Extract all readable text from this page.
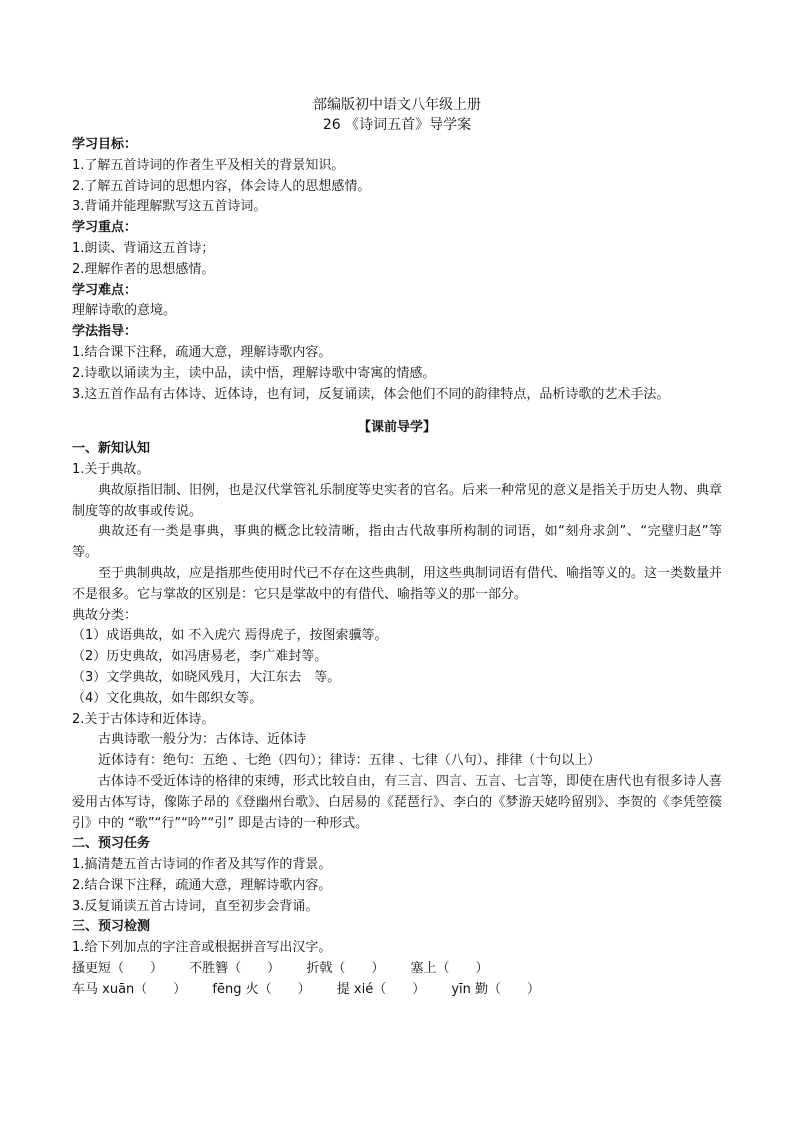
部编版初中语文八年级上册
26 《诗词五首》导学案
学习目标：
1.了解五首诗词的作者生平及相关的背景知识。
2.了解五首诗词的思想内容，体会诗人的思想感情。
3.背诵并能理解默写这五首诗词。
学习重点：
1.朗读、背诵这五首诗；
2.理解作者的思想感情。
学习难点：
理解诗歌的意境。
学法指导：
1.结合课下注释，疏通大意，理解诗歌内容。
2.诗歌以诵读为主，读中品，读中悟，理解诗歌中寄寓的情感。
3.这五首作品有古体诗、近体诗，也有词，反复诵读，体会他们不同的韵律特点，品析诗歌的艺术手法。
【课前导学】
一、新知认知
1.关于典故。
典故原指旧制、旧例，也是汉代掌管礼乐制度等史实者的官名。后来一种常见的意义是指关于历史人物、典章制度等的故事或传说。
典故还有一类是事典，事典的概念比较清晰，指由古代故事所构制的词语，如“刻舟求剑”、“完璧归赵”等等。
至于典制典故，应是指那些使用时代已不存在这些典制，用这些典制词语有借代、喻指等义的。这一类数量并不是很多。它与掌故的区别是：它只是掌故中的有借代、喻指等义的那一部分。
典故分类：
（1）成语典故，如 不入虎穴 焉得虎子，按图索骥等。
（2）历史典故，如冯唐易老，李广难封等。
（3）文学典故，如晓风残月，大江东去　等。
（4）文化典故，如牛郎织女等。
2.关于古体诗和近体诗。
古典诗歌一般分为：古体诗、近体诗
近体诗有：绝句：五绝 、七绝（四句）；律诗：五律 、七律（八句）、排律（十句以上）
古体诗不受近体诗的格律的束缚，形式比较自由，有三言、四言、五言、七言等，即使在唐代也有很多诗人喜爱用古体写诗，像陈子昂的《登幽州台歌》、白居易的《琵琶行》、李白的《梦游天姥吟留别》、李贺的《李凭箜篌引》中的 “歌”“行”“吟”“引” 即是古诗的一种形式。
二、预习任务
1.搞清楚五首古诗词的作者及其写作的背景。
2.结合课下注释，疏通大意，理解诗歌内容。
3.反复诵读五首古诗词，直至初步会背诵。
三、预习检测
1.给下列加点的字注音或根据拼音写出汉字。
搔更短（　　） 不胜簪（　　） 折戟（　　） 塞上（　　）
车马 xuān（　　） fēng 火（　　） 提 xié（　　） yīn 勤（　　）
